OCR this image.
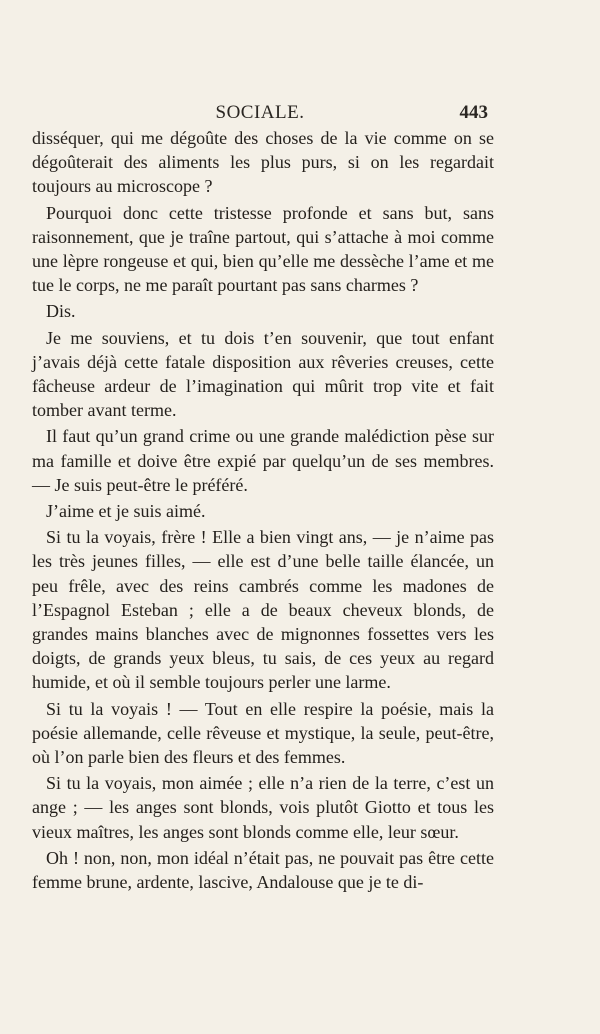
SOCIALE.	443

disséquer, qui me dégoûte des choses de la vie comme on se dégoûterait des aliments les plus purs, si on les regardait toujours au microscope ?

Pourquoi donc cette tristesse profonde et sans but, sans raisonnement, que je traîne partout, qui s’attache à moi comme une lèpre rongeuse et qui, bien qu’elle me dessèche l’ame et me tue le corps, ne me paraît pourtant pas sans charmes ?

Dis.

Je me souviens, et tu dois t’en souvenir, que tout enfant j’avais déjà cette fatale disposition aux rêveries creuses, cette fâcheuse ardeur de l’imagination qui mûrit trop vite et fait tomber avant terme.

Il faut qu’un grand crime ou une grande malédiction pèse sur ma famille et doive être expié par quelqu’un de ses membres. — Je suis peut-être le préféré.

J’aime et je suis aimé.

Si tu la voyais, frère ! Elle a bien vingt ans, — je n’aime pas les très jeunes filles, — elle est d’une belle taille élancée, un peu frêle, avec des reins cambrés comme les madones de l’Espagnol Esteban ; elle a de beaux cheveux blonds, de grandes mains blanches avec de mignonnes fossettes vers les doigts, de grands yeux bleus, tu sais, de ces yeux au regard humide, et où il semble toujours perler une larme.

Si tu la voyais ! — Tout en elle respire la poésie, mais la poésie allemande, celle rêveuse et mystique, la seule, peut-être, où l’on parle bien des fleurs et des femmes.

Si tu la voyais, mon aimée ; elle n’a rien de la terre, c’est un ange ; — les anges sont blonds, vois plutôt Giotto et tous les vieux maîtres, les anges sont blonds comme elle, leur sœur.

Oh ! non, non, mon idéal n’était pas, ne pouvait pas être cette femme brune, ardente, lascive, Andalouse que je te di-
